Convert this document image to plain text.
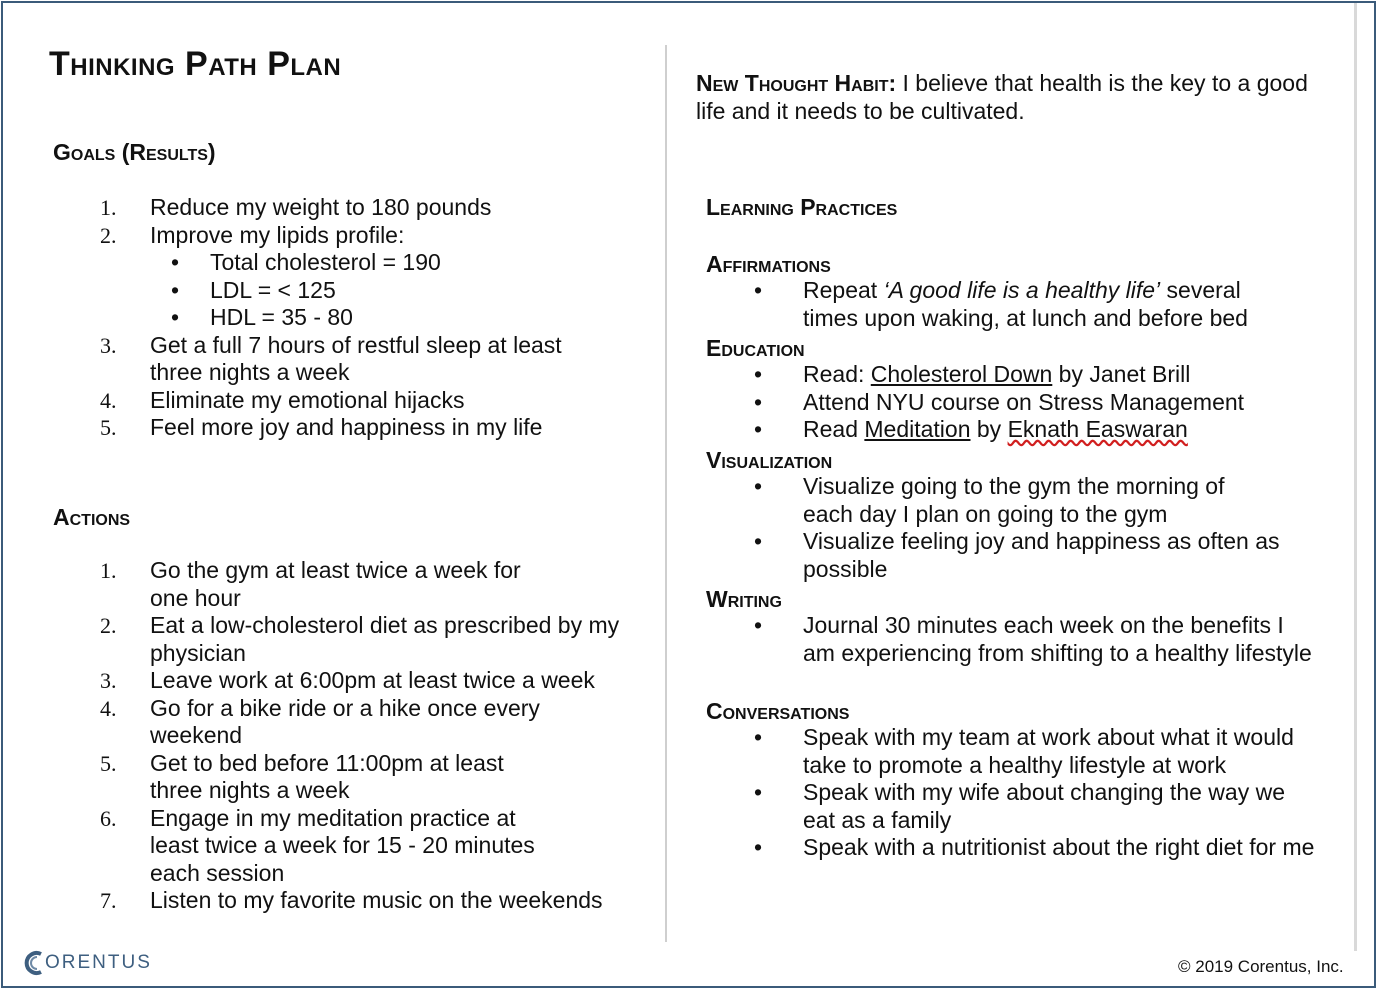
Thinking Path Plan
Goals (Results)
1. Reduce my weight to 180 pounds
2. Improve my lipids profile:
• Total cholesterol = 190
• LDL = < 125
• HDL = 35 - 80
3. Get a full 7 hours of restful sleep at least three nights a week
4. Eliminate my emotional hijacks
5. Feel more joy and happiness in my life
Actions
1. Go the gym at least twice a week for one hour
2. Eat a low-cholesterol diet as prescribed by my physician
3. Leave work at 6:00pm at least twice a week
4. Go for a bike ride or a hike once every weekend
5. Get to bed before 11:00pm at least three nights a week
6. Engage in my meditation practice at least twice a week for 15 - 20 minutes each session
7. Listen to my favorite music on the weekends

New Thought Habit: I believe that health is the key to a good life and it needs to be cultivated.

Learning Practices
Affirmations
• Repeat ‘A good life is a healthy life’ several times upon waking, at lunch and before bed
Education
• Read: Cholesterol Down by Janet Brill
• Attend NYU course on Stress Management
• Read Meditation by Eknath Easwaran
Visualization
• Visualize going to the gym the morning of each day I plan on going to the gym
• Visualize feeling joy and happiness as often as possible
Writing
• Journal 30 minutes each week on the benefits I am experiencing from shifting to a healthy lifestyle
Conversations
• Speak with my team at work about what it would take to promote a healthy lifestyle at work
• Speak with my wife about changing the way we eat as a family
• Speak with a nutritionist about the right diet for me
ORENTUS	© 2019 Corentus, Inc.
